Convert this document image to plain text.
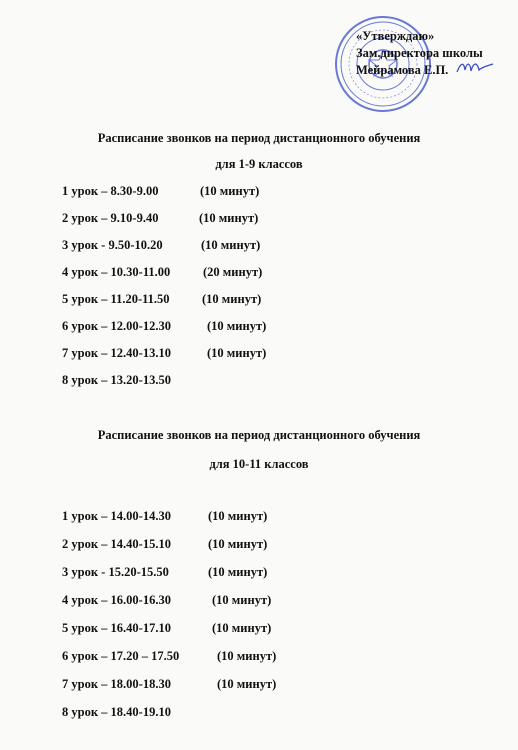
«Утверждаю»
Зам.директора школы
Мейрамова Е.П.
Расписание звонков на период дистанционного обучения
для 1-9 классов
1 урок – 8.30-9.00	(10 минут)
2 урок – 9.10-9.40	(10 минут)
3 урок - 9.50-10.20	(10 минут)
4 урок – 10.30-11.00	(20 минут)
5 урок – 11.20-11.50	(10 минут)
6 урок – 12.00-12.30	(10 минут)
7 урок – 12.40-13.10	(10 минут)
8 урок – 13.20-13.50
Расписание звонков на период дистанционного обучения
для 10-11 классов
1 урок – 14.00-14.30	(10 минут)
2 урок – 14.40-15.10	(10 минут)
3 урок - 15.20-15.50	(10 минут)
4 урок – 16.00-16.30	(10 минут)
5 урок – 16.40-17.10	(10 минут)
6 урок – 17.20 – 17.50	(10 минут)
7 урок – 18.00-18.30	(10 минут)
8 урок – 18.40-19.10
